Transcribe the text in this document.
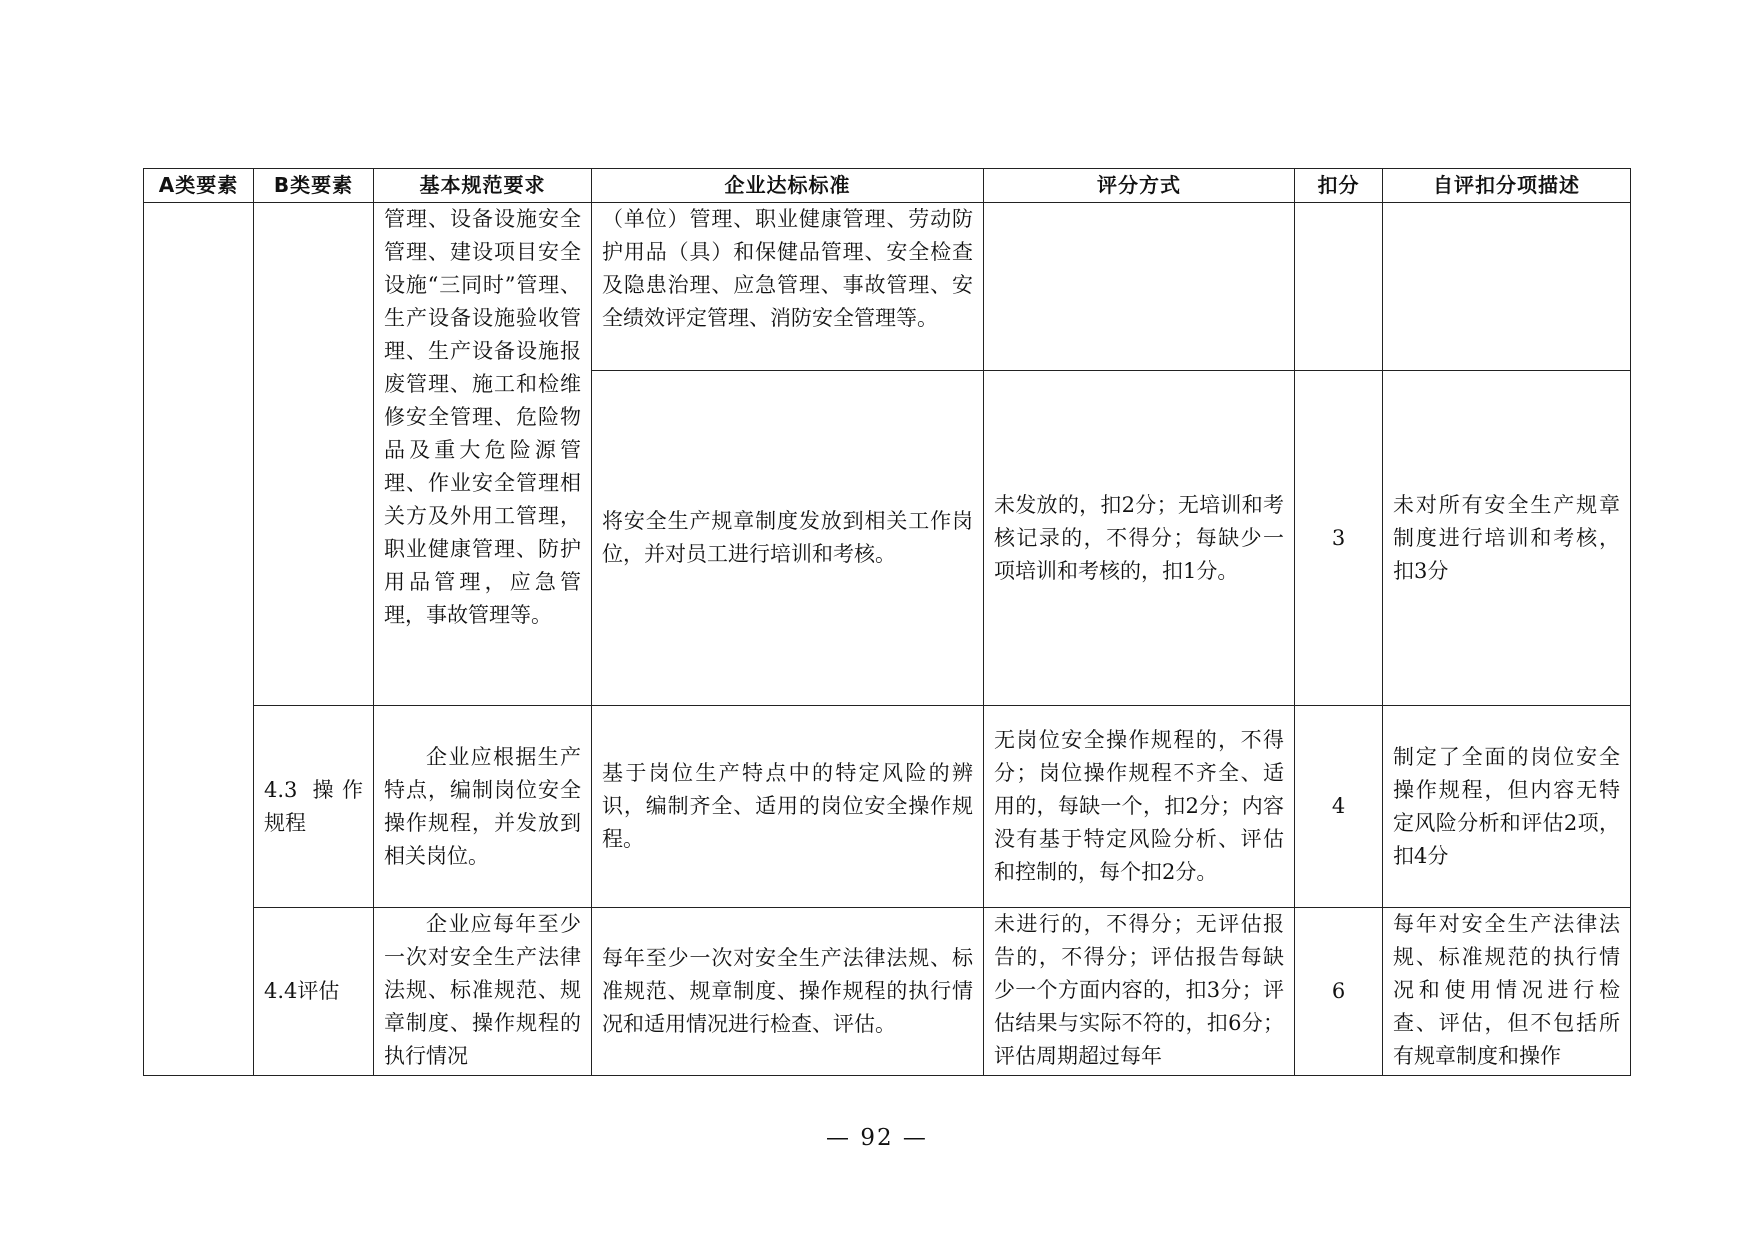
A类要素	B类要素	基本规范要求	企业达标标准	评分方式	扣分	自评扣分项描述
		管理、设备设施安全管理、建设项目安全设施“三同时”管理、生产设备设施验收管理、生产设备设施报废管理、施工和检维修安全管理、危险物品及重大危险源管理、作业安全管理相关方及外用工管理，职业健康管理、防护用品管理，应急管理，事故管理等。	（单位）管理、职业健康管理、劳动防护用品（具）和保健品管理、安全检查及隐患治理、应急管理、事故管理、安全绩效评定管理、消防安全管理等。			
			将安全生产规章制度发放到相关工作岗位，并对员工进行培训和考核。	未发放的，扣2分；无培训和考核记录的，不得分；每缺少一项培训和考核的，扣1分。	3	未对所有安全生产规章制度进行培训和考核，扣3分
	4.3 操作规程	企业应根据生产特点，编制岗位安全操作规程，并发放到相关岗位。	基于岗位生产特点中的特定风险的辨识，编制齐全、适用的岗位安全操作规程。	无岗位安全操作规程的，不得分；岗位操作规程不齐全、适用的，每缺一个，扣2分；内容没有基于特定风险分析、评估和控制的，每个扣2分。	4	制定了全面的岗位安全操作规程，但内容无特定风险分析和评估2项，扣4分
	4.4评估	企业应每年至少一次对安全生产法律法规、标准规范、规章制度、操作规程的执行情况	每年至少一次对安全生产法律法规、标准规范、规章制度、操作规程的执行情况和适用情况进行检查、评估。	未进行的，不得分；无评估报告的，不得分；评估报告每缺少一个方面内容的，扣3分；评估结果与实际不符的，扣6分；评估周期超过每年	6	每年对安全生产法律法规、标准规范的执行情况和使用情况进行检查、评估，但不包括所有规章制度和操作
— 92 —
